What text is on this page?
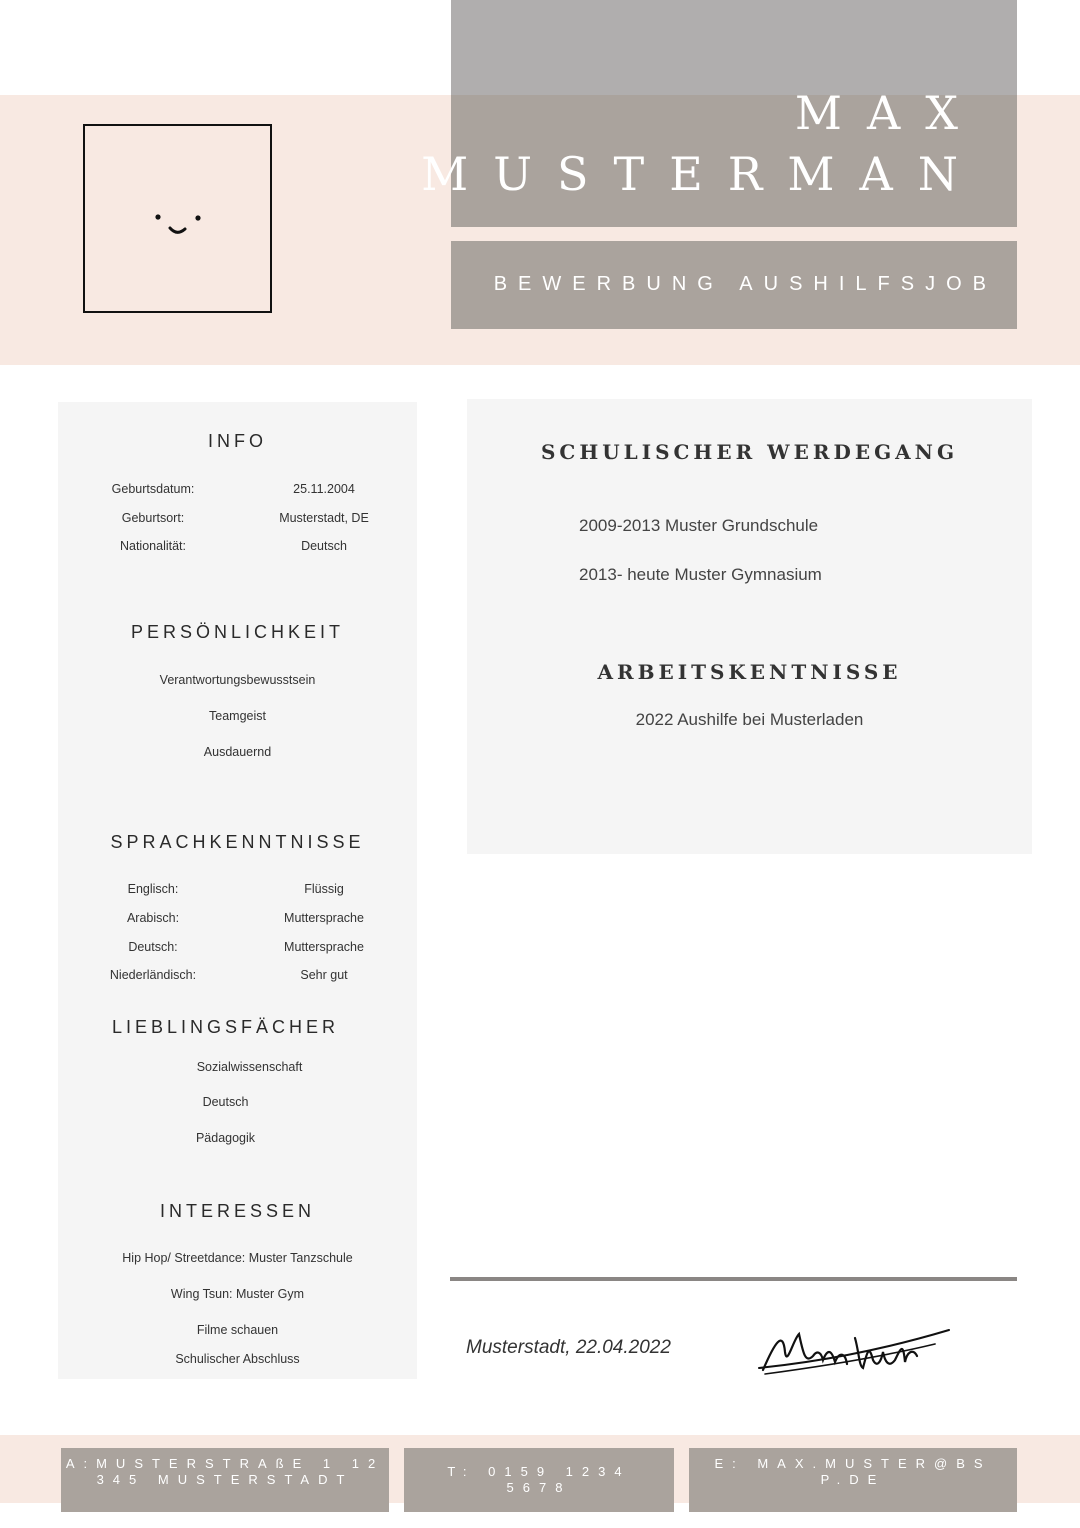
MAX
MUSTERMAN
BEWERBUNG AUSHILFSJOB
INFO
Geburtsdatum:	25.11.2004
Geburtsort:	Musterstadt, DE
Nationalität:	Deutsch
PERSÖNLICHKEIT
Verantwortungsbewusstsein
Teamgeist
Ausdauernd
SPRACHKENNTNISSE
Englisch:	Flüssig
Arabisch:	Muttersprache
Deutsch:	Muttersprache
Niederländisch:	Sehr gut
LIEBLINGSFÄCHER
Sozialwissenschaft
Deutsch
Pädagogik
INTERESSEN
Hip Hop/ Streetdance: Muster Tanzschule
Wing Tsun: Muster Gym
Filme schauen
Schulischer Abschluss
SCHULISCHER WERDEGANG
2009-2013 Muster Grundschule
2013- heute Muster Gymnasium
ARBEITSKENTNISSE
2022 Aushilfe bei Musterladen
Musterstadt, 22.04.2022
A:MUSTERSTRAßE 1 12345 MUSTERSTADT
T: 0159 12345678
E: MAX.MUSTER@BSP.DE
